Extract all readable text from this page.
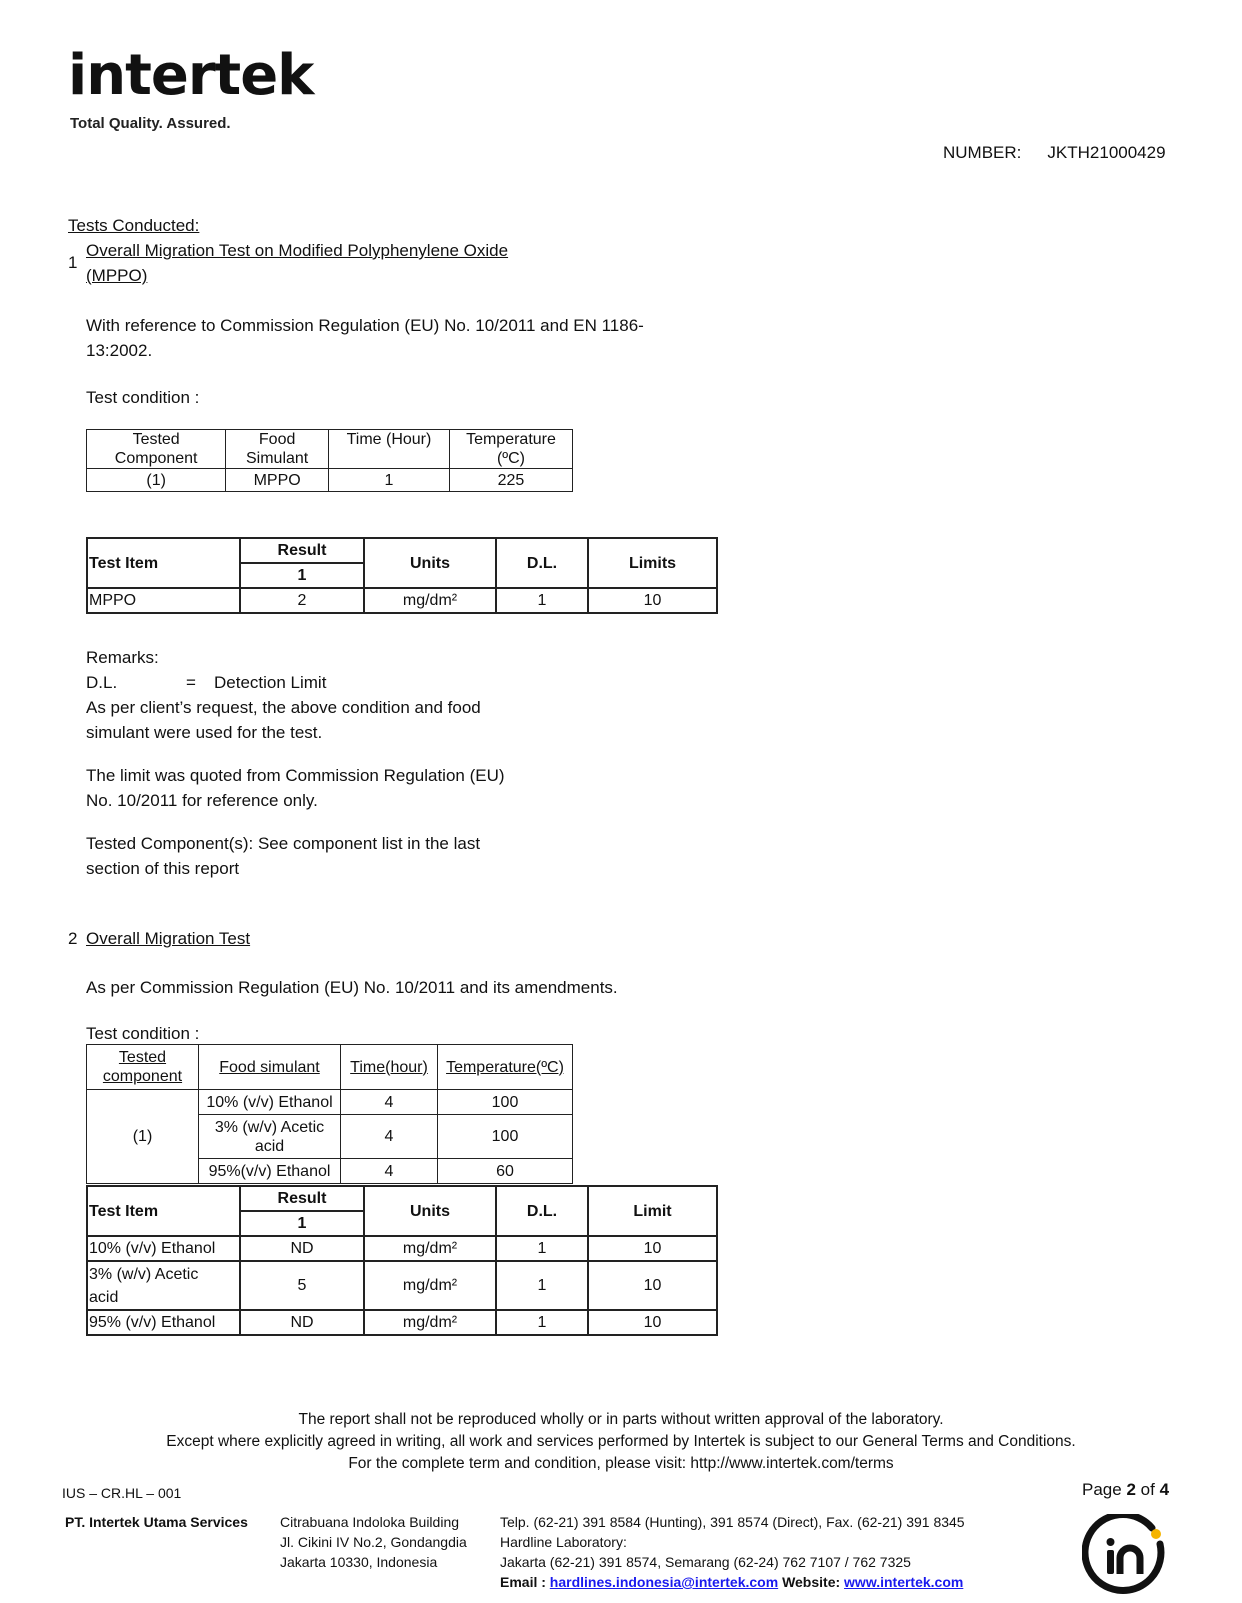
intertek
Total Quality. Assured.
NUMBER: JKTH21000429
Tests Conducted:
1
Overall Migration Test on Modified Polyphenylene Oxide
(MPPO)
With reference to Commission Regulation (EU) No. 10/2011 and EN 1186-
13:2002.
Test condition :
Tested Component	Food Simulant	Time (Hour)	Temperature (ºC)
(1)	MPPO	1	225
Test Item	Result	Units	D.L.	Limits
	1			
MPPO	2	mg/dm²	1	10
Remarks:
D.L.	= Detection Limit
As per client’s request, the above condition and food
simulant were used for the test.
The limit was quoted from Commission Regulation (EU)
No. 10/2011 for reference only.
Tested Component(s): See component list in the last
section of this report
2 Overall Migration Test
As per Commission Regulation (EU) No. 10/2011 and its amendments.
Test condition :
Tested component	Food simulant	Time(hour)	Temperature(ºC)
(1)	10% (v/v) Ethanol	4	100
	3% (w/v) Acetic acid	4	100
	95%(v/v) Ethanol	4	60
Test Item	Result	Units	D.L.	Limit
	1			
10% (v/v) Ethanol	ND	mg/dm²	1	10
3% (w/v) Acetic acid	5	mg/dm²	1	10
95% (v/v) Ethanol	ND	mg/dm²	1	10
The report shall not be reproduced wholly or in parts without written approval of the laboratory.
Except where explicitly agreed in writing, all work and services performed by Intertek is subject to our General Terms and Conditions.
For the complete term and condition, please visit: http://www.intertek.com/terms
IUS – CR.HL – 001	Page 2 of 4
PT. Intertek Utama Services Citrabuana Indoloka Building
Jl. Cikini IV No.2, Gondangdia
Jakarta 10330, Indonesia
Telp. (62-21) 391 8584 (Hunting), 391 8574 (Direct), Fax. (62-21) 391 8345
Hardline Laboratory:
Jakarta (62-21) 391 8574, Semarang (62-24) 762 7107 / 762 7325
Email : hardlines.indonesia@intertek.com Website: www.intertek.com
